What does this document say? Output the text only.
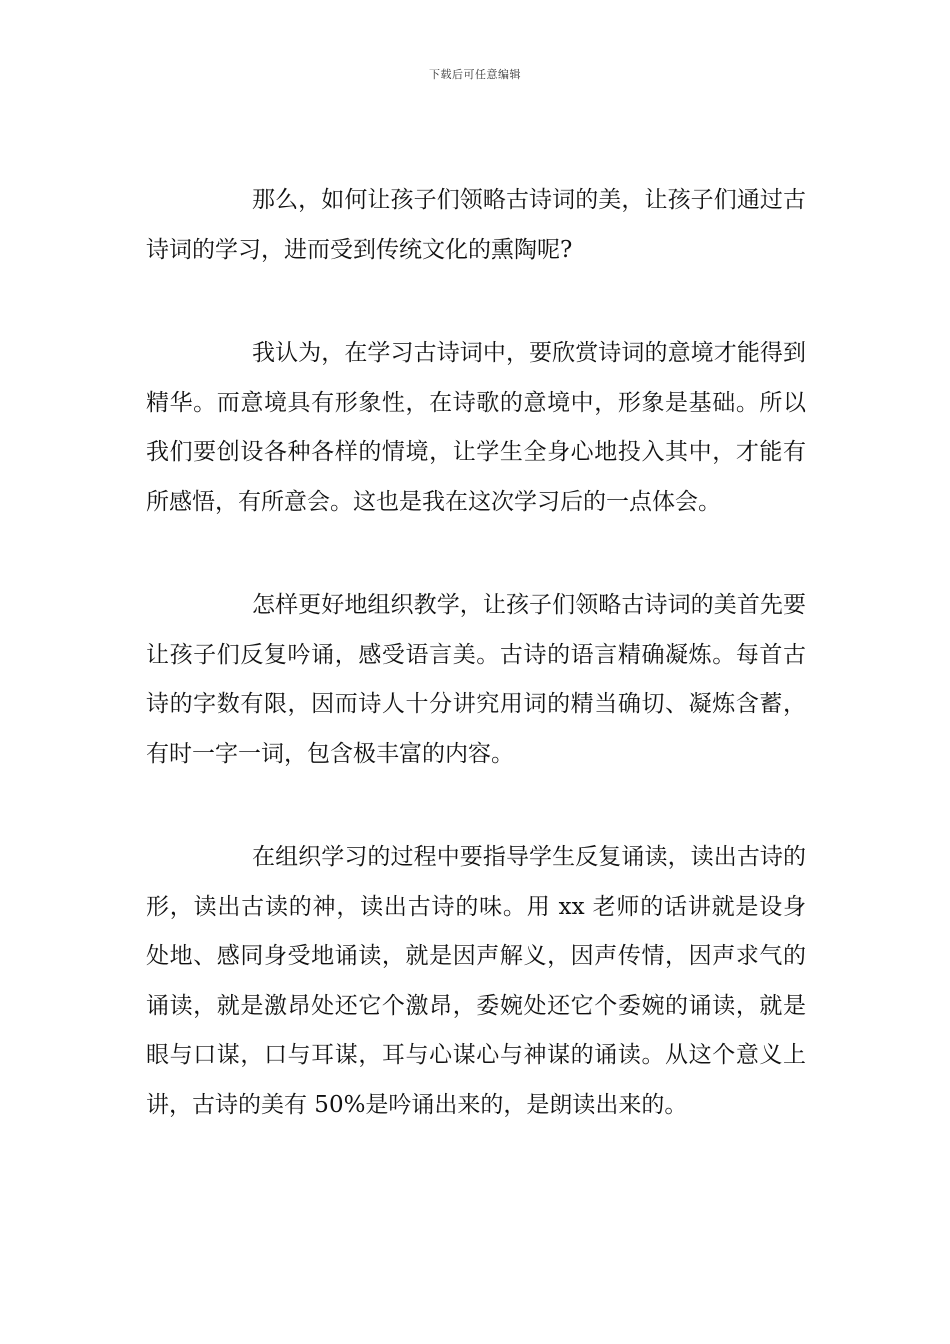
下载后可任意编辑

那么，如何让孩子们领略古诗词的美，让孩子们通过古诗词的学习，进而受到传统文化的熏陶呢?

我认为，在学习古诗词中，要欣赏诗词的意境才能得到精华。而意境具有形象性，在诗歌的意境中，形象是基础。所以我们要创设各种各样的情境，让学生全身心地投入其中，才能有所感悟，有所意会。这也是我在这次学习后的一点体会。

怎样更好地组织教学，让孩子们领略古诗词的美首先要让孩子们反复吟诵，感受语言美。古诗的语言精确凝炼。每首古诗的字数有限，因而诗人十分讲究用词的精当确切、凝炼含蓄，有时一字一词，包含极丰富的内容。

在组织学习的过程中要指导学生反复诵读，读出古诗的形，读出古读的神，读出古诗的味。用 xx 老师的话讲就是设身处地、感同身受地诵读，就是因声解义，因声传情，因声求气的诵读，就是激昂处还它个激昂，委婉处还它个委婉的诵读，就是眼与口谋，口与耳谋，耳与心谋心与神谋的诵读。从这个意义上讲，古诗的美有 50%是吟诵出来的，是朗读出来的。
